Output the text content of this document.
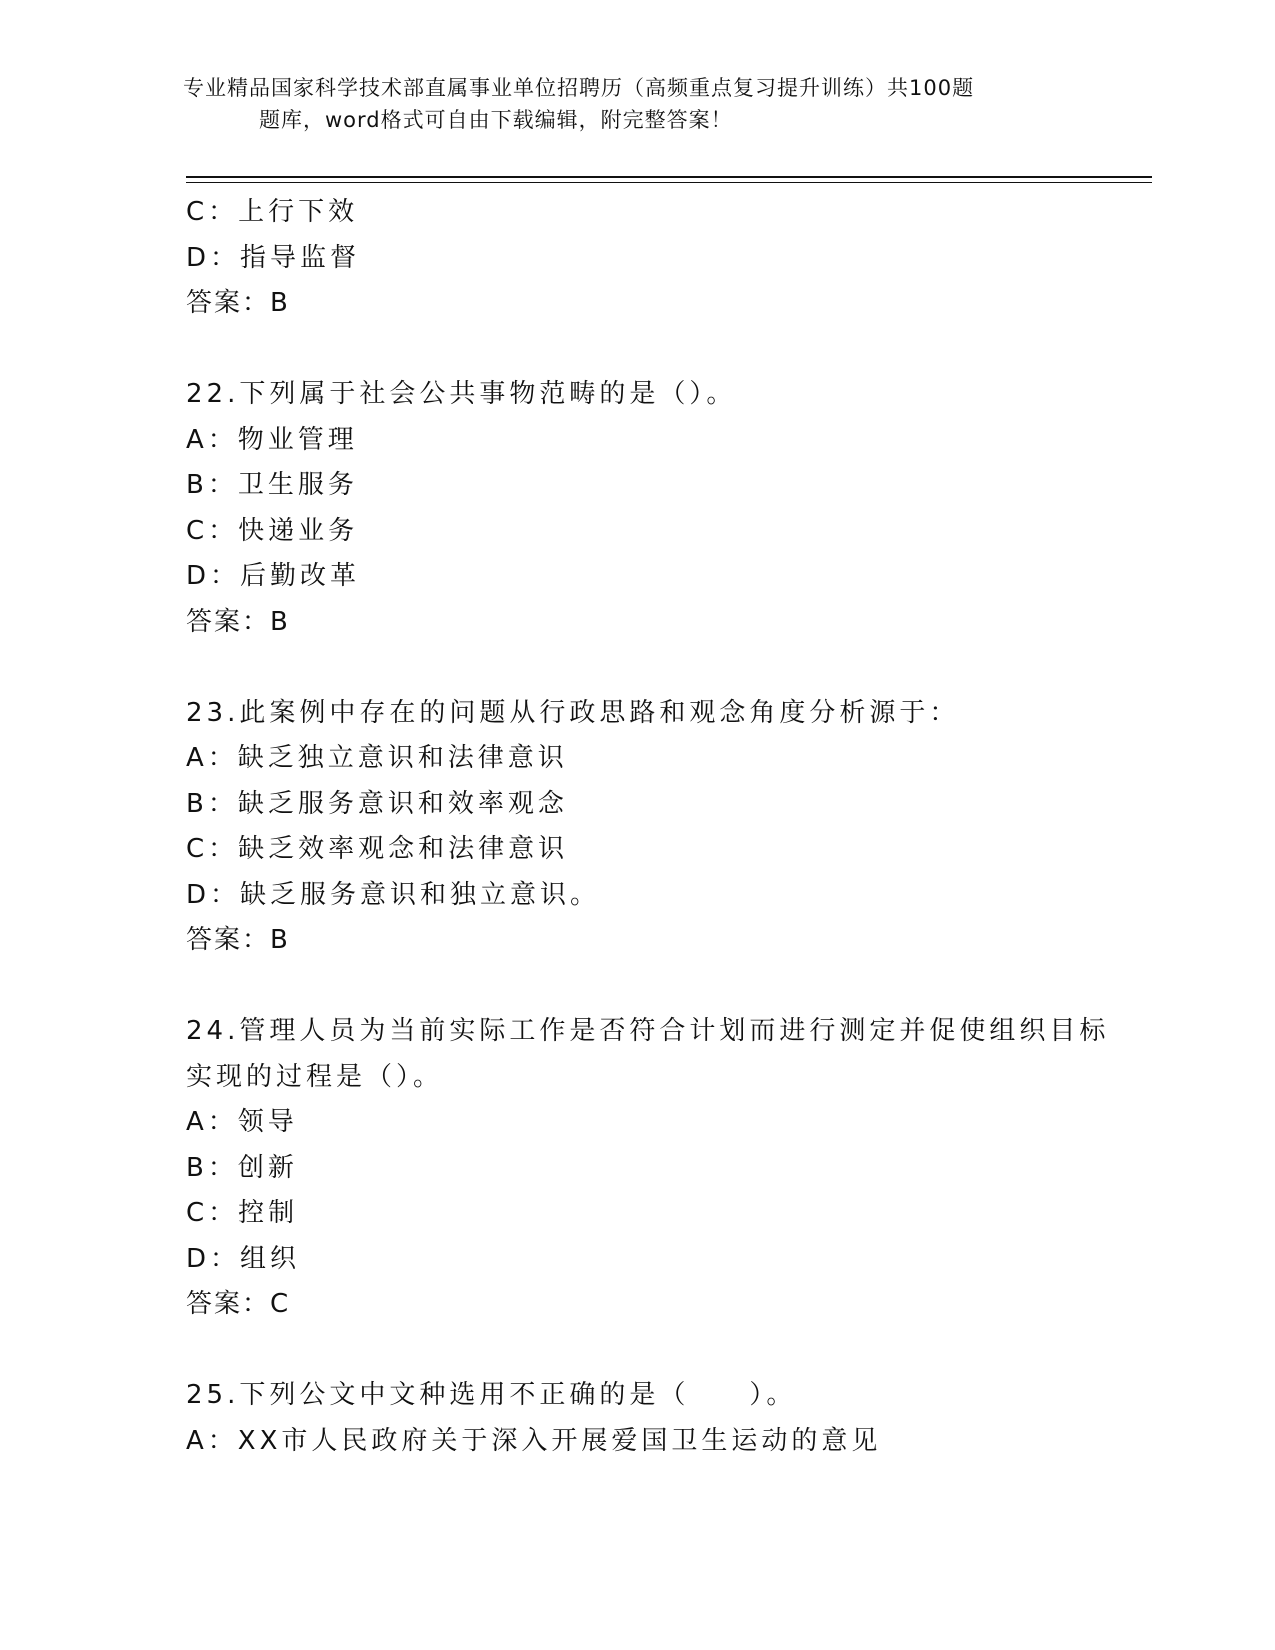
专业精品国家科学技术部直属事业单位招聘历（高频重点复习提升训练）共100题
题库，word格式可自由下载编辑，附完整答案！
C：上行下效
D：指导监督
答案：B
22.下列属于社会公共事物范畴的是（）。
A：物业管理
B：卫生服务
C：快递业务
D：后勤改革
答案：B
23.此案例中存在的问题从行政思路和观念角度分析源于：
A：缺乏独立意识和法律意识
B：缺乏服务意识和效率观念
C：缺乏效率观念和法律意识
D：缺乏服务意识和独立意识。
答案：B
24.管理人员为当前实际工作是否符合计划而进行测定并促使组织目标
实现的过程是（）。
A：领导
B：创新
C：控制
D：组织
答案：C
25.下列公文中文种选用不正确的是（　　）。
A：XX市人民政府关于深入开展爱国卫生运动的意见
